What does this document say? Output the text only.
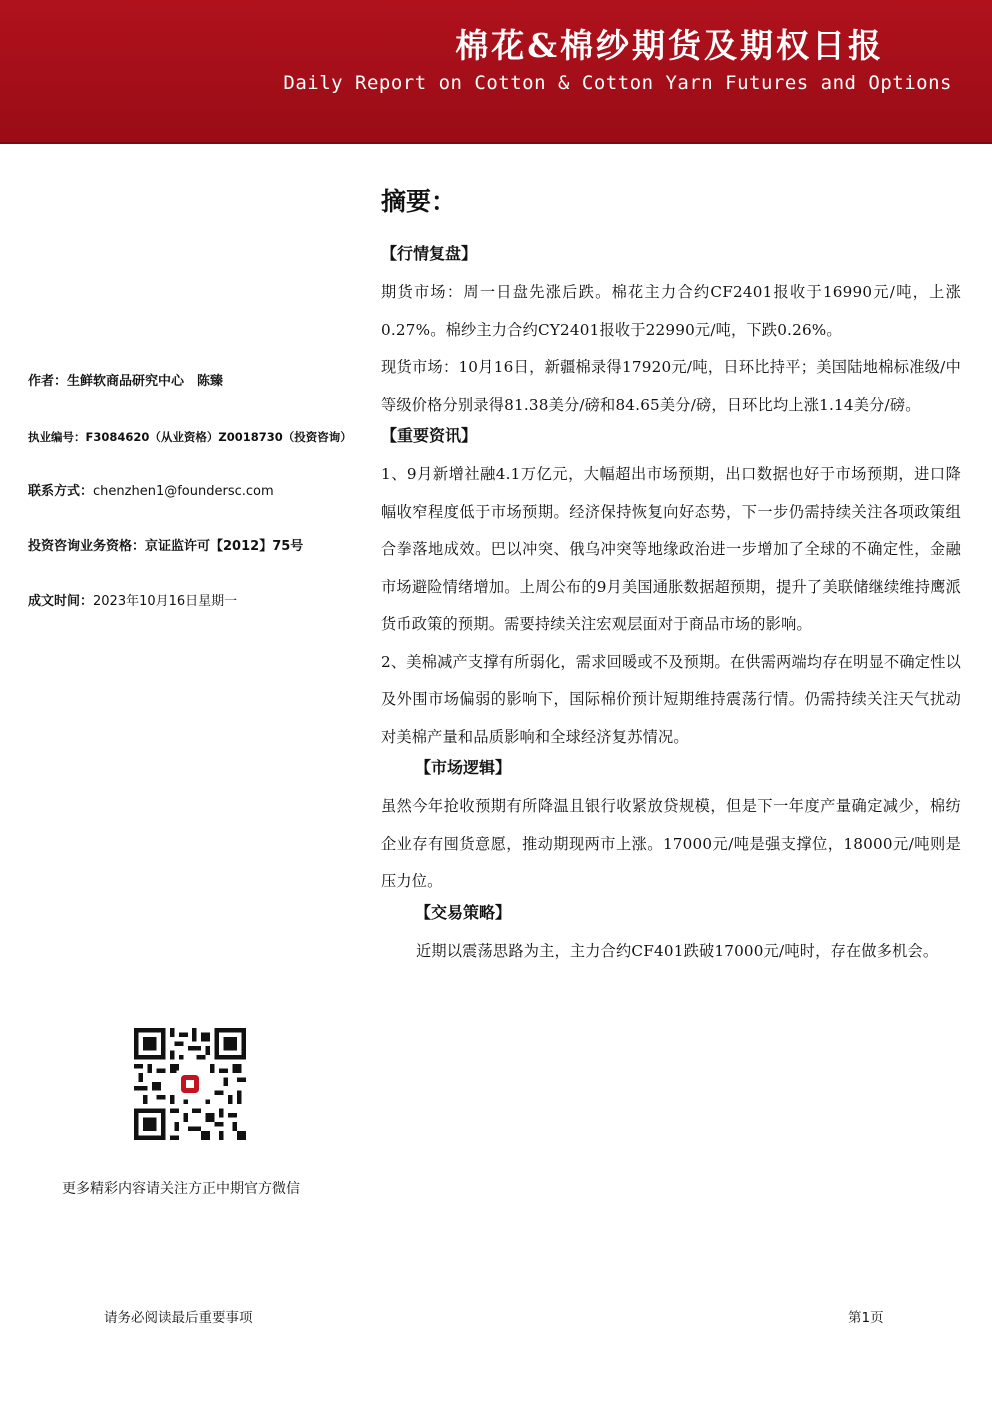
棉花&棉纱期货及期权日报
Daily Report on Cotton & Cotton Yarn Futures and Options
作者：生鲜软商品研究中心　陈臻
执业编号：F3084620（从业资格）Z0018730（投资咨询）
联系方式：chenzhen1@foundersc.com
投资咨询业务资格：京证监许可【2012】75号
成文时间：2023年10月16日星期一
更多精彩内容请关注方正中期官方微信
摘要：
【行情复盘】

期货市场：周一日盘先涨后跌。棉花主力合约CF2401报收于16990元/吨，上涨0.27%。棉纱主力合约CY2401报收于22990元/吨，下跌0.26%。

现货市场：10月16日，新疆棉录得17920元/吨，日环比持平；美国陆地棉标准级/中等级价格分别录得81.38美分/磅和84.65美分/磅，日环比均上涨1.14美分/磅。

【重要资讯】

1、9月新增社融4.1万亿元，大幅超出市场预期，出口数据也好于市场预期，进口降幅收窄程度低于市场预期。经济保持恢复向好态势，下一步仍需持续关注各项政策组合拳落地成效。巴以冲突、俄乌冲突等地缘政治进一步增加了全球的不确定性，金融市场避险情绪增加。上周公布的9月美国通胀数据超预期，提升了美联储继续维持鹰派货币政策的预期。需要持续关注宏观层面对于商品市场的影响。

2、美棉减产支撑有所弱化，需求回暖或不及预期。在供需两端均存在明显不确定性以及外围市场偏弱的影响下，国际棉价预计短期维持震荡行情。仍需持续关注天气扰动对美棉产量和品质影响和全球经济复苏情况。

【市场逻辑】

虽然今年抢收预期有所降温且银行收紧放贷规模，但是下一年度产量确定减少，棉纺企业存有囤货意愿，推动期现两市上涨。17000元/吨是强支撑位，18000元/吨则是压力位。

【交易策略】

近期以震荡思路为主，主力合约CF401跌破17000元/吨时，存在做多机会。

请务必阅读最后重要事项	第1页
